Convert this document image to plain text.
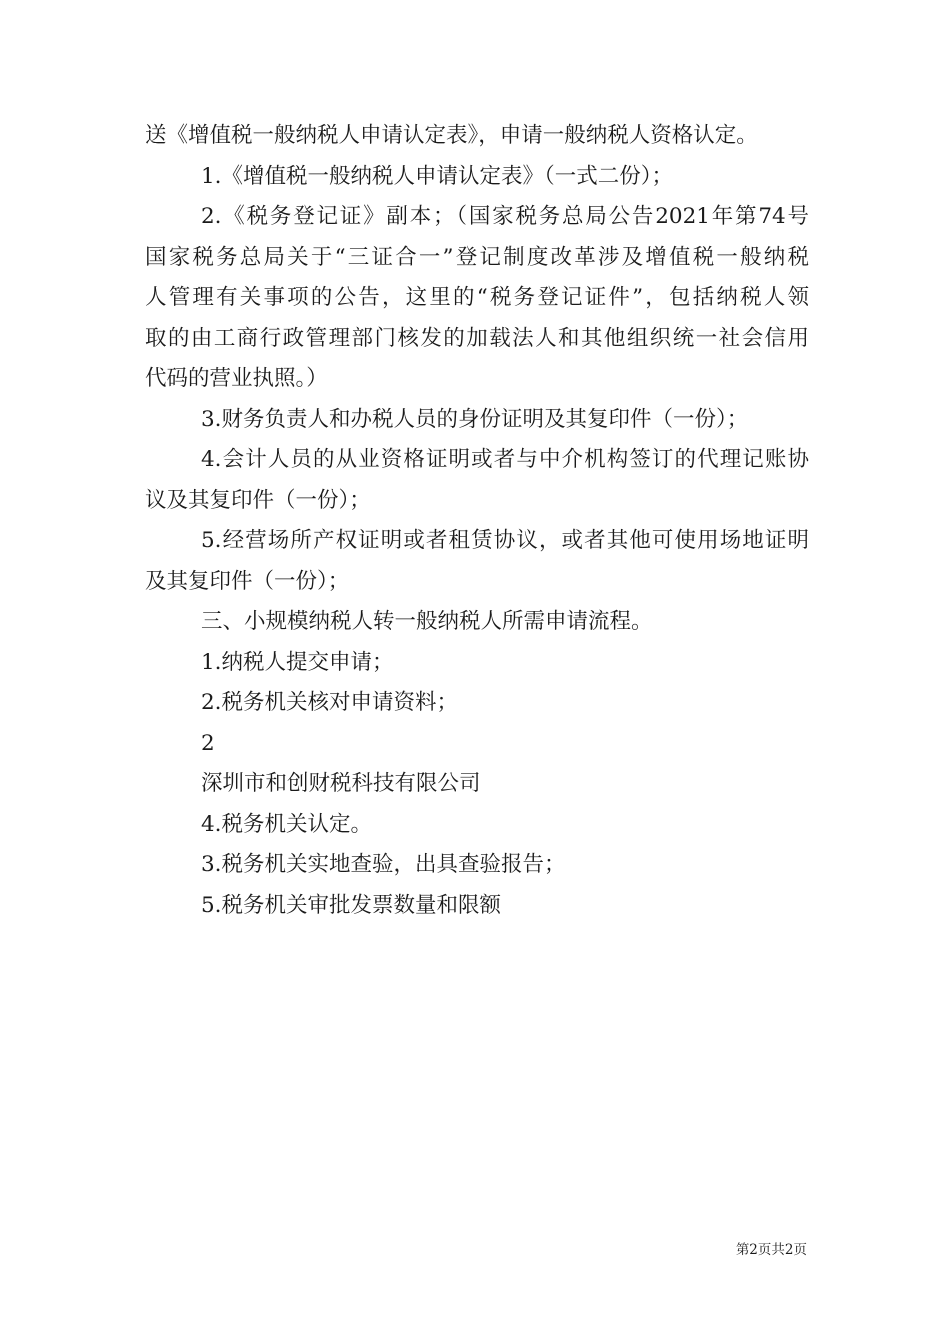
送《增值税一般纳税人申请认定表》，申请一般纳税人资格认定。
1.《增值税一般纳税人申请认定表》（一式二份）；
2.《税务登记证》副本；（国家税务总局公告2021年第74号
国家税务总局关于“三证合一”登记制度改革涉及增值税一般纳税
人管理有关事项的公告，这里的“税务登记证件”，包括纳税人领
取的由工商行政管理部门核发的加载法人和其他组织统一社会信用
代码的营业执照。）
3.财务负责人和办税人员的身份证明及其复印件（一份）；
4.会计人员的从业资格证明或者与中介机构签订的代理记账协
议及其复印件（一份）；
5.经营场所产权证明或者租赁协议，或者其他可使用场地证明
及其复印件（一份）；
三、小规模纳税人转一般纳税人所需申请流程。
1.纳税人提交申请；
2.税务机关核对申请资料；
2
深圳市和创财税科技有限公司
4.税务机关认定。
3.税务机关实地查验，出具查验报告；
5.税务机关审批发票数量和限额
第2页共2页
